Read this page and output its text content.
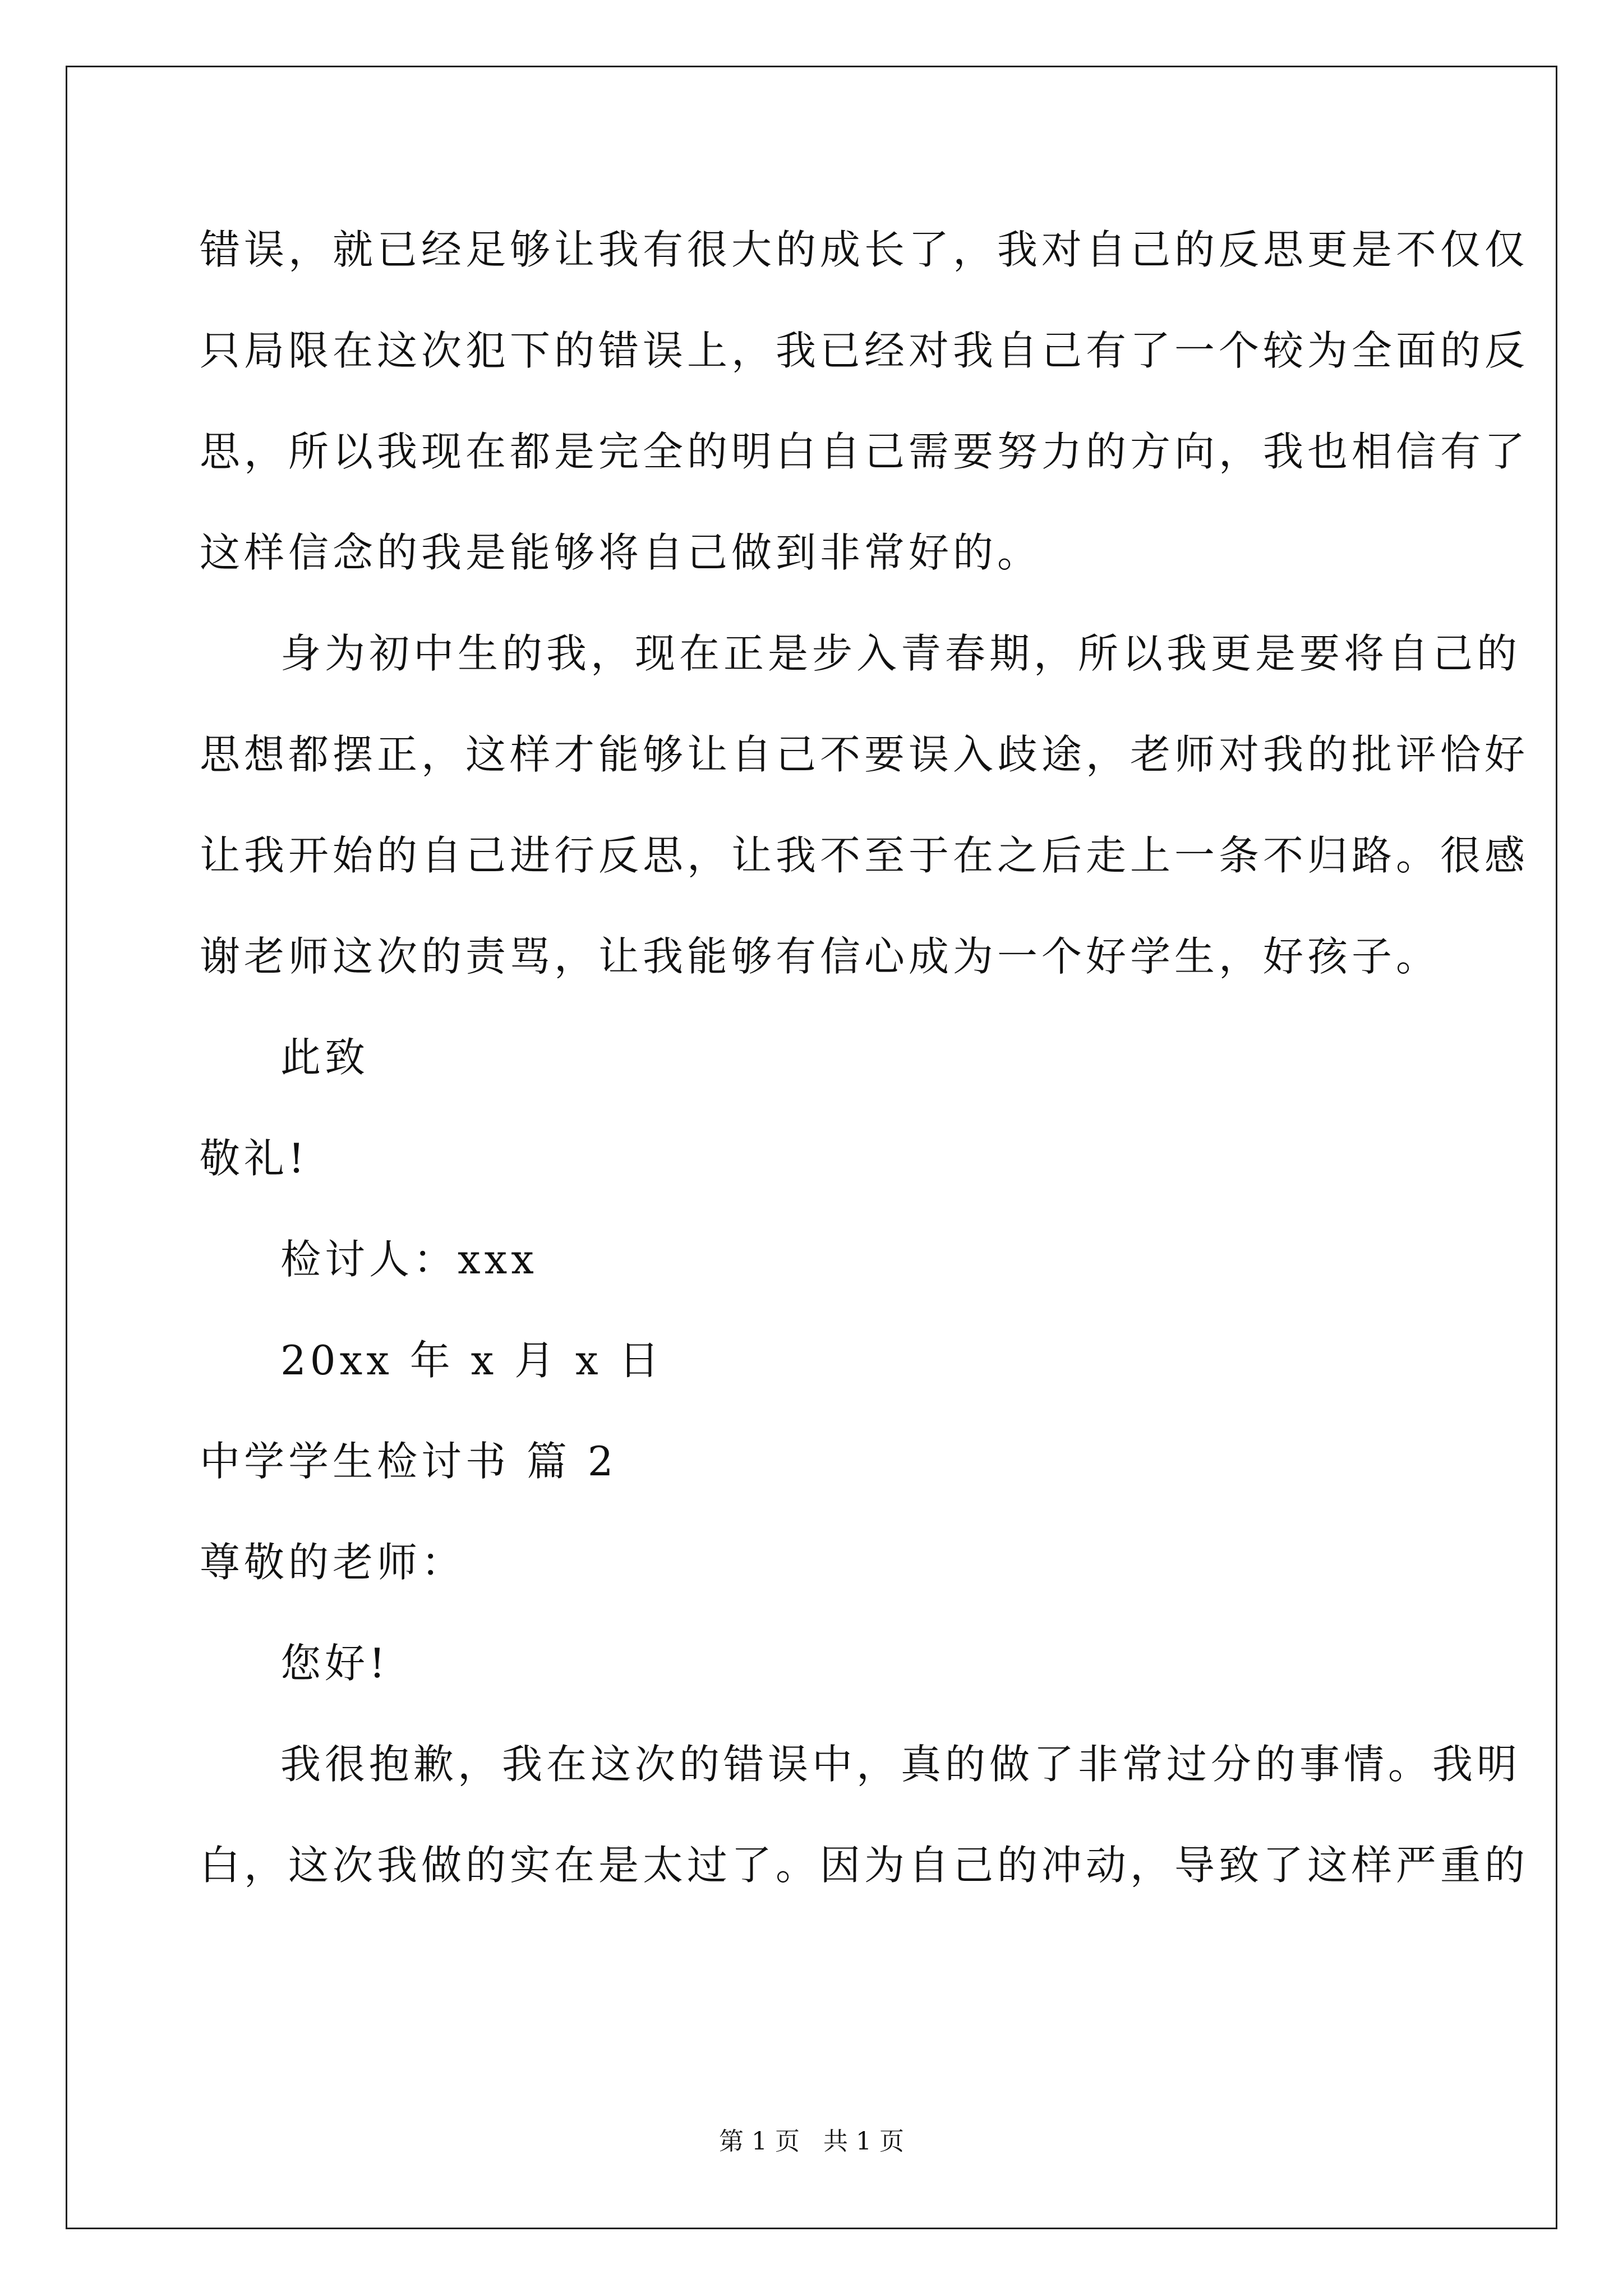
错误，就已经足够让我有很大的成长了，我对自己的反思更是不仅仅
只局限在这次犯下的错误上，我已经对我自己有了一个较为全面的反
思，所以我现在都是完全的明白自己需要努力的方向，我也相信有了
这样信念的我是能够将自己做到非常好的。
身为初中生的我，现在正是步入青春期，所以我更是要将自己的
思想都摆正，这样才能够让自己不要误入歧途，老师对我的批评恰好
让我开始的自己进行反思，让我不至于在之后走上一条不归路。很感
谢老师这次的责骂，让我能够有信心成为一个好学生，好孩子。
此致
敬礼!
检讨人：xxx
20xx 年 x 月 x 日
中学学生检讨书 篇 2
尊敬的老师：
您好!
我很抱歉，我在这次的错误中，真的做了非常过分的事情。我明
白，这次我做的实在是太过了。因为自己的冲动，导致了这样严重的
第 1 页   共 1 页
